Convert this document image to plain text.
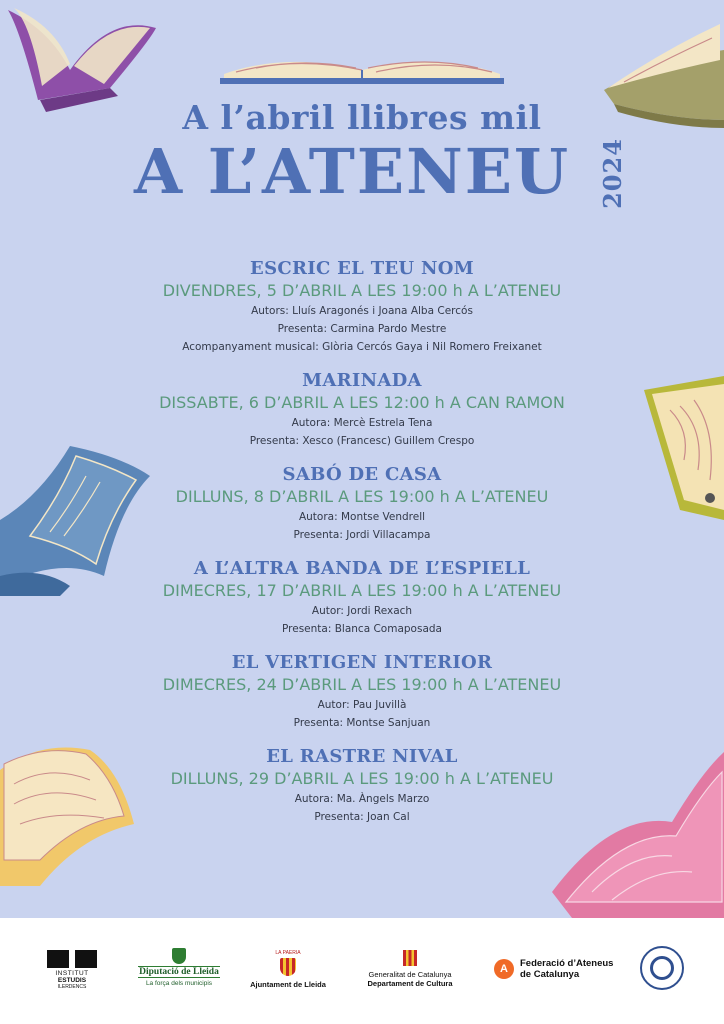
A l’abril llibres mil
A L’ATENEU 2024
ESCRIC EL TEU NOM
DIVENDRES, 5 D’ABRIL A LES 19:00 h A L’ATENEU
Autors: Lluís Aragonés i Joana Alba Cercós
Presenta: Carmina Pardo Mestre
Acompanyament musical: Glòria Cercós Gaya i Nil Romero Freixanet
MARINADA
DISSABTE, 6 D’ABRIL A LES 12:00 h A CAN RAMON
Autora: Mercè Estrela Tena
Presenta: Xesco (Francesc) Guillem Crespo
SABÓ DE CASA
DILLUNS, 8 D’ABRIL A LES 19:00 h A L’ATENEU
Autora: Montse Vendrell
Presenta: Jordi Villacampa
A L’ALTRA BANDA DE L’ESPIELL
DIMECRES, 17 D’ABRIL A LES 19:00 h A L’ATENEU
Autor: Jordi Rexach
Presenta: Blanca Comaposada
EL VERTIGEN INTERIOR
DIMECRES, 24 D’ABRIL A LES 19:00 h A L’ATENEU
Autor: Pau Juvillà
Presenta: Montse Sanjuan
EL RASTRE NIVAL
DILLUNS, 29 D’ABRIL A LES 19:00 h A L’ATENEU
Autora: Ma. Àngels Marzo
Presenta: Joan Cal
INSTITUT
ESTUDIS
ILERDENCS
Diputació de Lleida
La força dels municipis
LA PAERIA
Ajuntament de Lleida
Generalitat de Catalunya
Departament de Cultura
A	Federació d’Ateneus
de Catalunya
